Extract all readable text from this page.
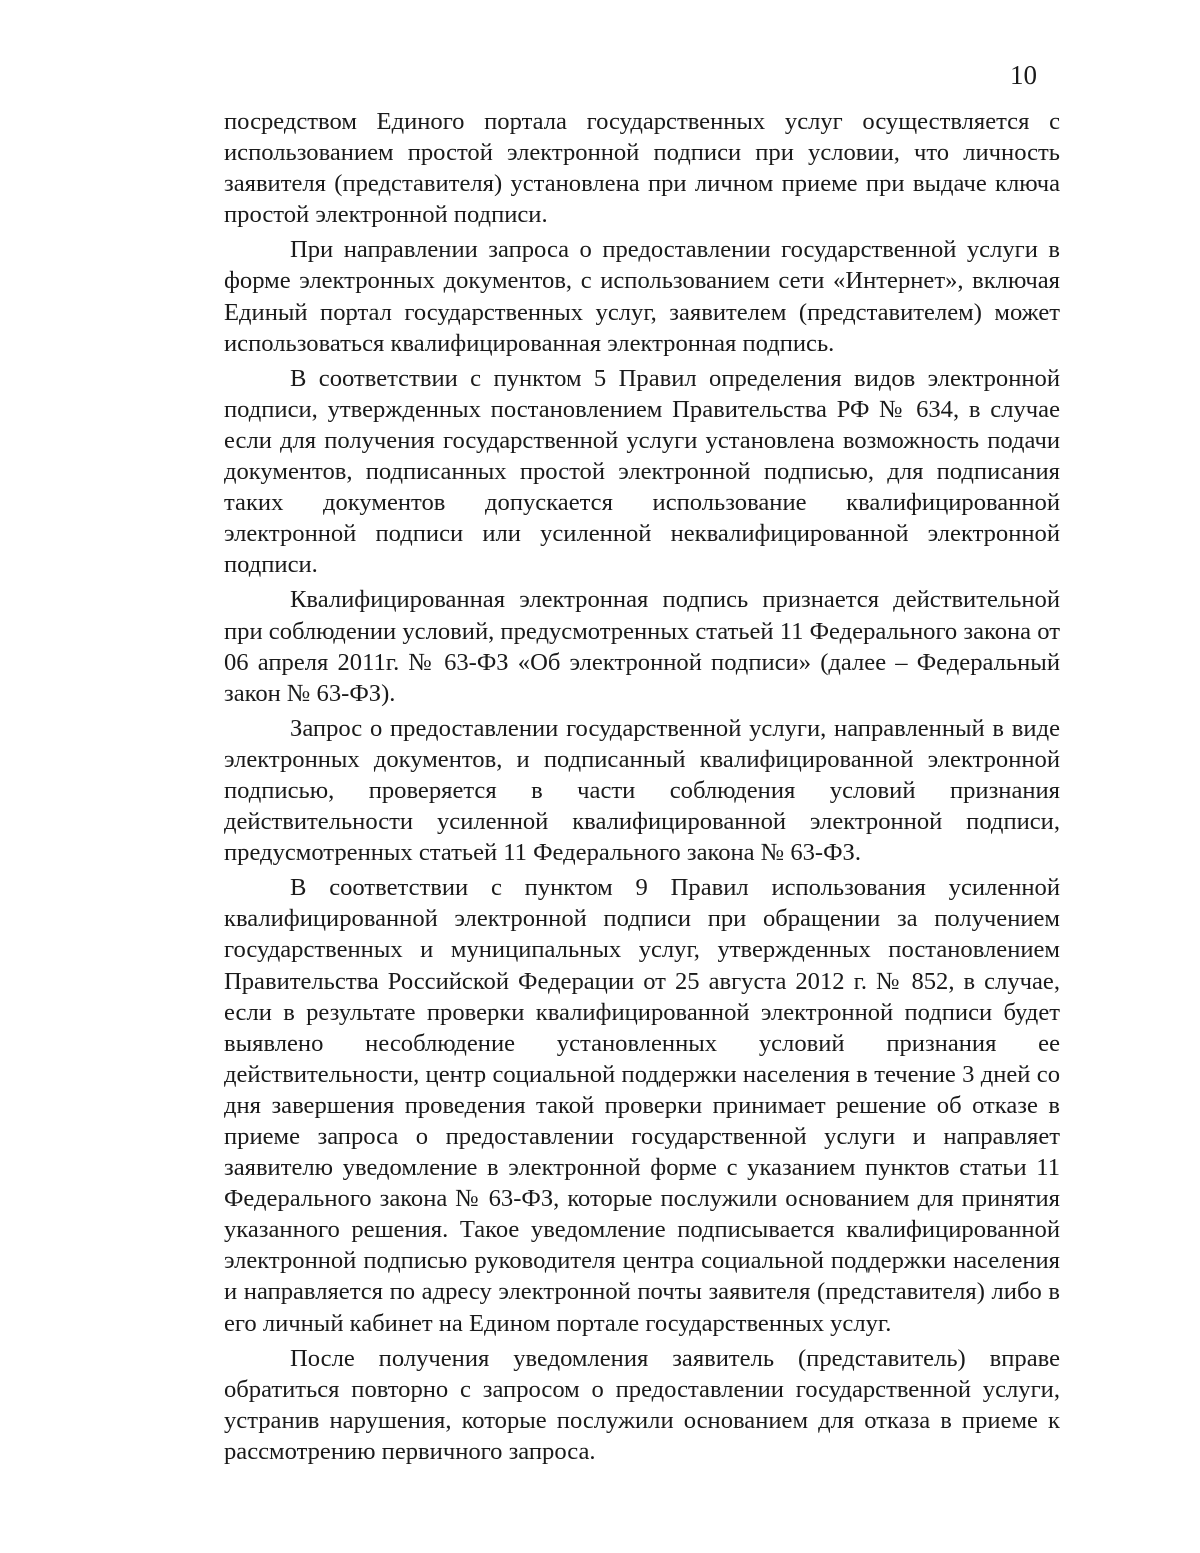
10

посредством Единого портала государственных услуг осуществляется с использованием простой электронной подписи при условии, что личность заявителя (представителя) установлена при личном приеме при выдаче ключа простой электронной подписи.

При направлении запроса о предоставлении государственной услуги в форме электронных документов, с использованием сети «Интернет», включая Единый портал государственных услуг, заявителем (представителем) может использоваться квалифицированная электронная подпись.

В соответствии с пунктом 5 Правил определения видов электронной подписи, утвержденных постановлением Правительства РФ № 634, в случае если для получения государственной услуги установлена возможность подачи документов, подписанных простой электронной подписью, для подписания таких документов допускается использование квалифицированной электронной подписи или усиленной неквалифицированной электронной подписи.

Квалифицированная электронная подпись признается действительной при соблюдении условий, предусмотренных статьей 11 Федерального закона от 06 апреля 2011г. № 63-ФЗ «Об электронной подписи» (далее – Федеральный закон № 63-ФЗ).

Запрос о предоставлении государственной услуги, направленный в виде электронных документов, и подписанный квалифицированной электронной подписью, проверяется в части соблюдения условий признания действительности усиленной квалифицированной электронной подписи, предусмотренных статьей 11 Федерального закона № 63-ФЗ.

В соответствии с пунктом 9 Правил использования усиленной квалифицированной электронной подписи при обращении за получением государственных и муниципальных услуг, утвержденных постановлением Правительства Российской Федерации от 25 августа 2012 г. № 852, в случае, если в результате проверки квалифицированной электронной подписи будет выявлено несоблюдение установленных условий признания ее действительности, центр социальной поддержки населения в течение 3 дней со дня завершения проведения такой проверки принимает решение об отказе в приеме запроса о предоставлении государственной услуги и направляет заявителю уведомление в электронной форме с указанием пунктов статьи 11 Федерального закона № 63-ФЗ, которые послужили основанием для принятия указанного решения. Такое уведомление подписывается квалифицированной электронной подписью руководителя центра социальной поддержки населения и направляется по адресу электронной почты заявителя (представителя) либо в его личный кабинет на Едином портале государственных услуг.

После получения уведомления заявитель (представитель) вправе обратиться повторно с запросом о предоставлении государственной услуги, устранив нарушения, которые послужили основанием для отказа в приеме к рассмотрению первичного запроса.
